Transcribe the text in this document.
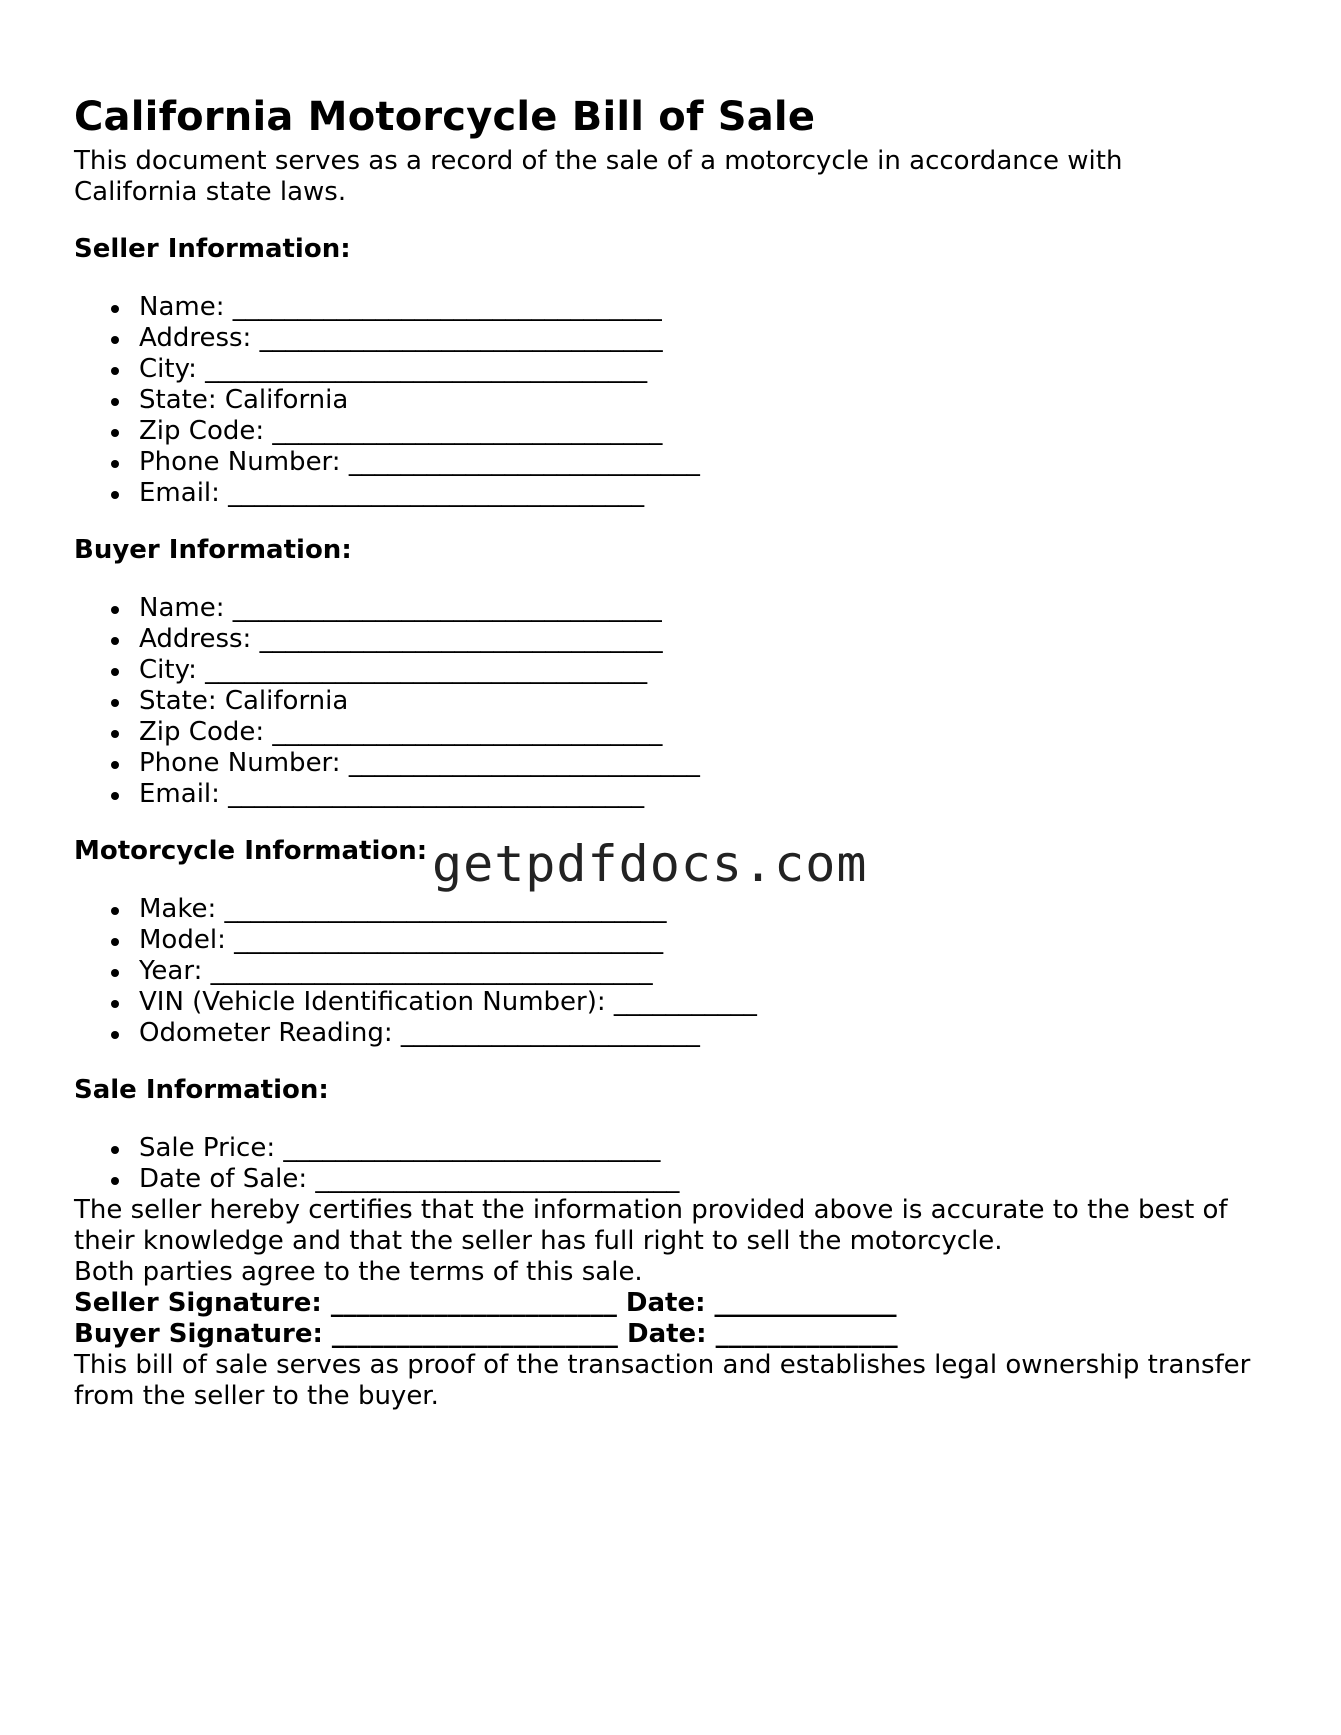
California Motorcycle Bill of Sale

This document serves as a record of the sale of a motorcycle in accordance with California state laws.

Seller Information:
Name: _________________________________
Address: _______________________________
City: __________________________________
State: California
Zip Code: ______________________________
Phone Number: ___________________________
Email: ________________________________
Buyer Information:
Name: _________________________________
Address: _______________________________
City: __________________________________
State: California
Zip Code: ______________________________
Phone Number: ___________________________
Email: ________________________________
Motorcycle Information:
Make: __________________________________
Model: _________________________________
Year: __________________________________
VIN (Vehicle Identification Number): ___________
Odometer Reading: _______________________
Sale Information:
Sale Price: _____________________________
Date of Sale: ____________________________

The seller hereby certifies that the information provided above is accurate to the best of their knowledge and that the seller has full right to sell the motorcycle.

Both parties agree to the terms of this sale.

Seller Signature: ______________________ Date: ______________

Buyer Signature: ______________________ Date: ______________

This bill of sale serves as proof of the transaction and establishes legal ownership transfer from the seller to the buyer.

getpdfdocs.com
